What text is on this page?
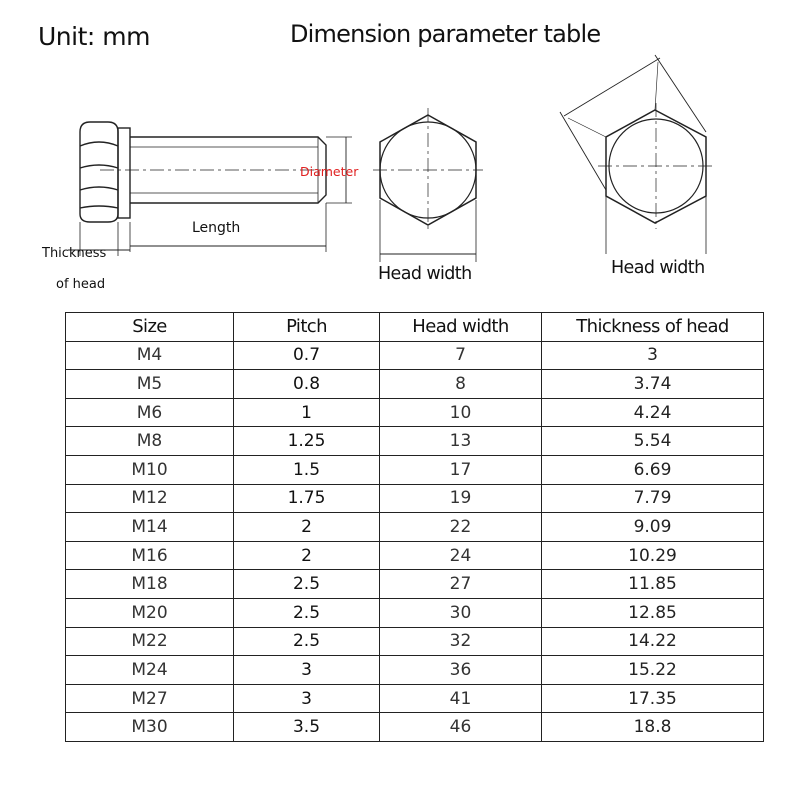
Unit: mm	Dimension parameter table
Length
Diameter
Thickness
of head
Head width	Head width
Size	Pitch	Head width	Thickness of head
M4	0.7	7	3
M5	0.8	8	3.74
M6	1	10	4.24
M8	1.25	13	5.54
M10	1.5	17	6.69
M12	1.75	19	7.79
M14	2	22	9.09
M16	2	24	10.29
M18	2.5	27	11.85
M20	2.5	30	12.85
M22	2.5	32	14.22
M24	3	36	15.22
M27	3	41	17.35
M30	3.5	46	18.8
